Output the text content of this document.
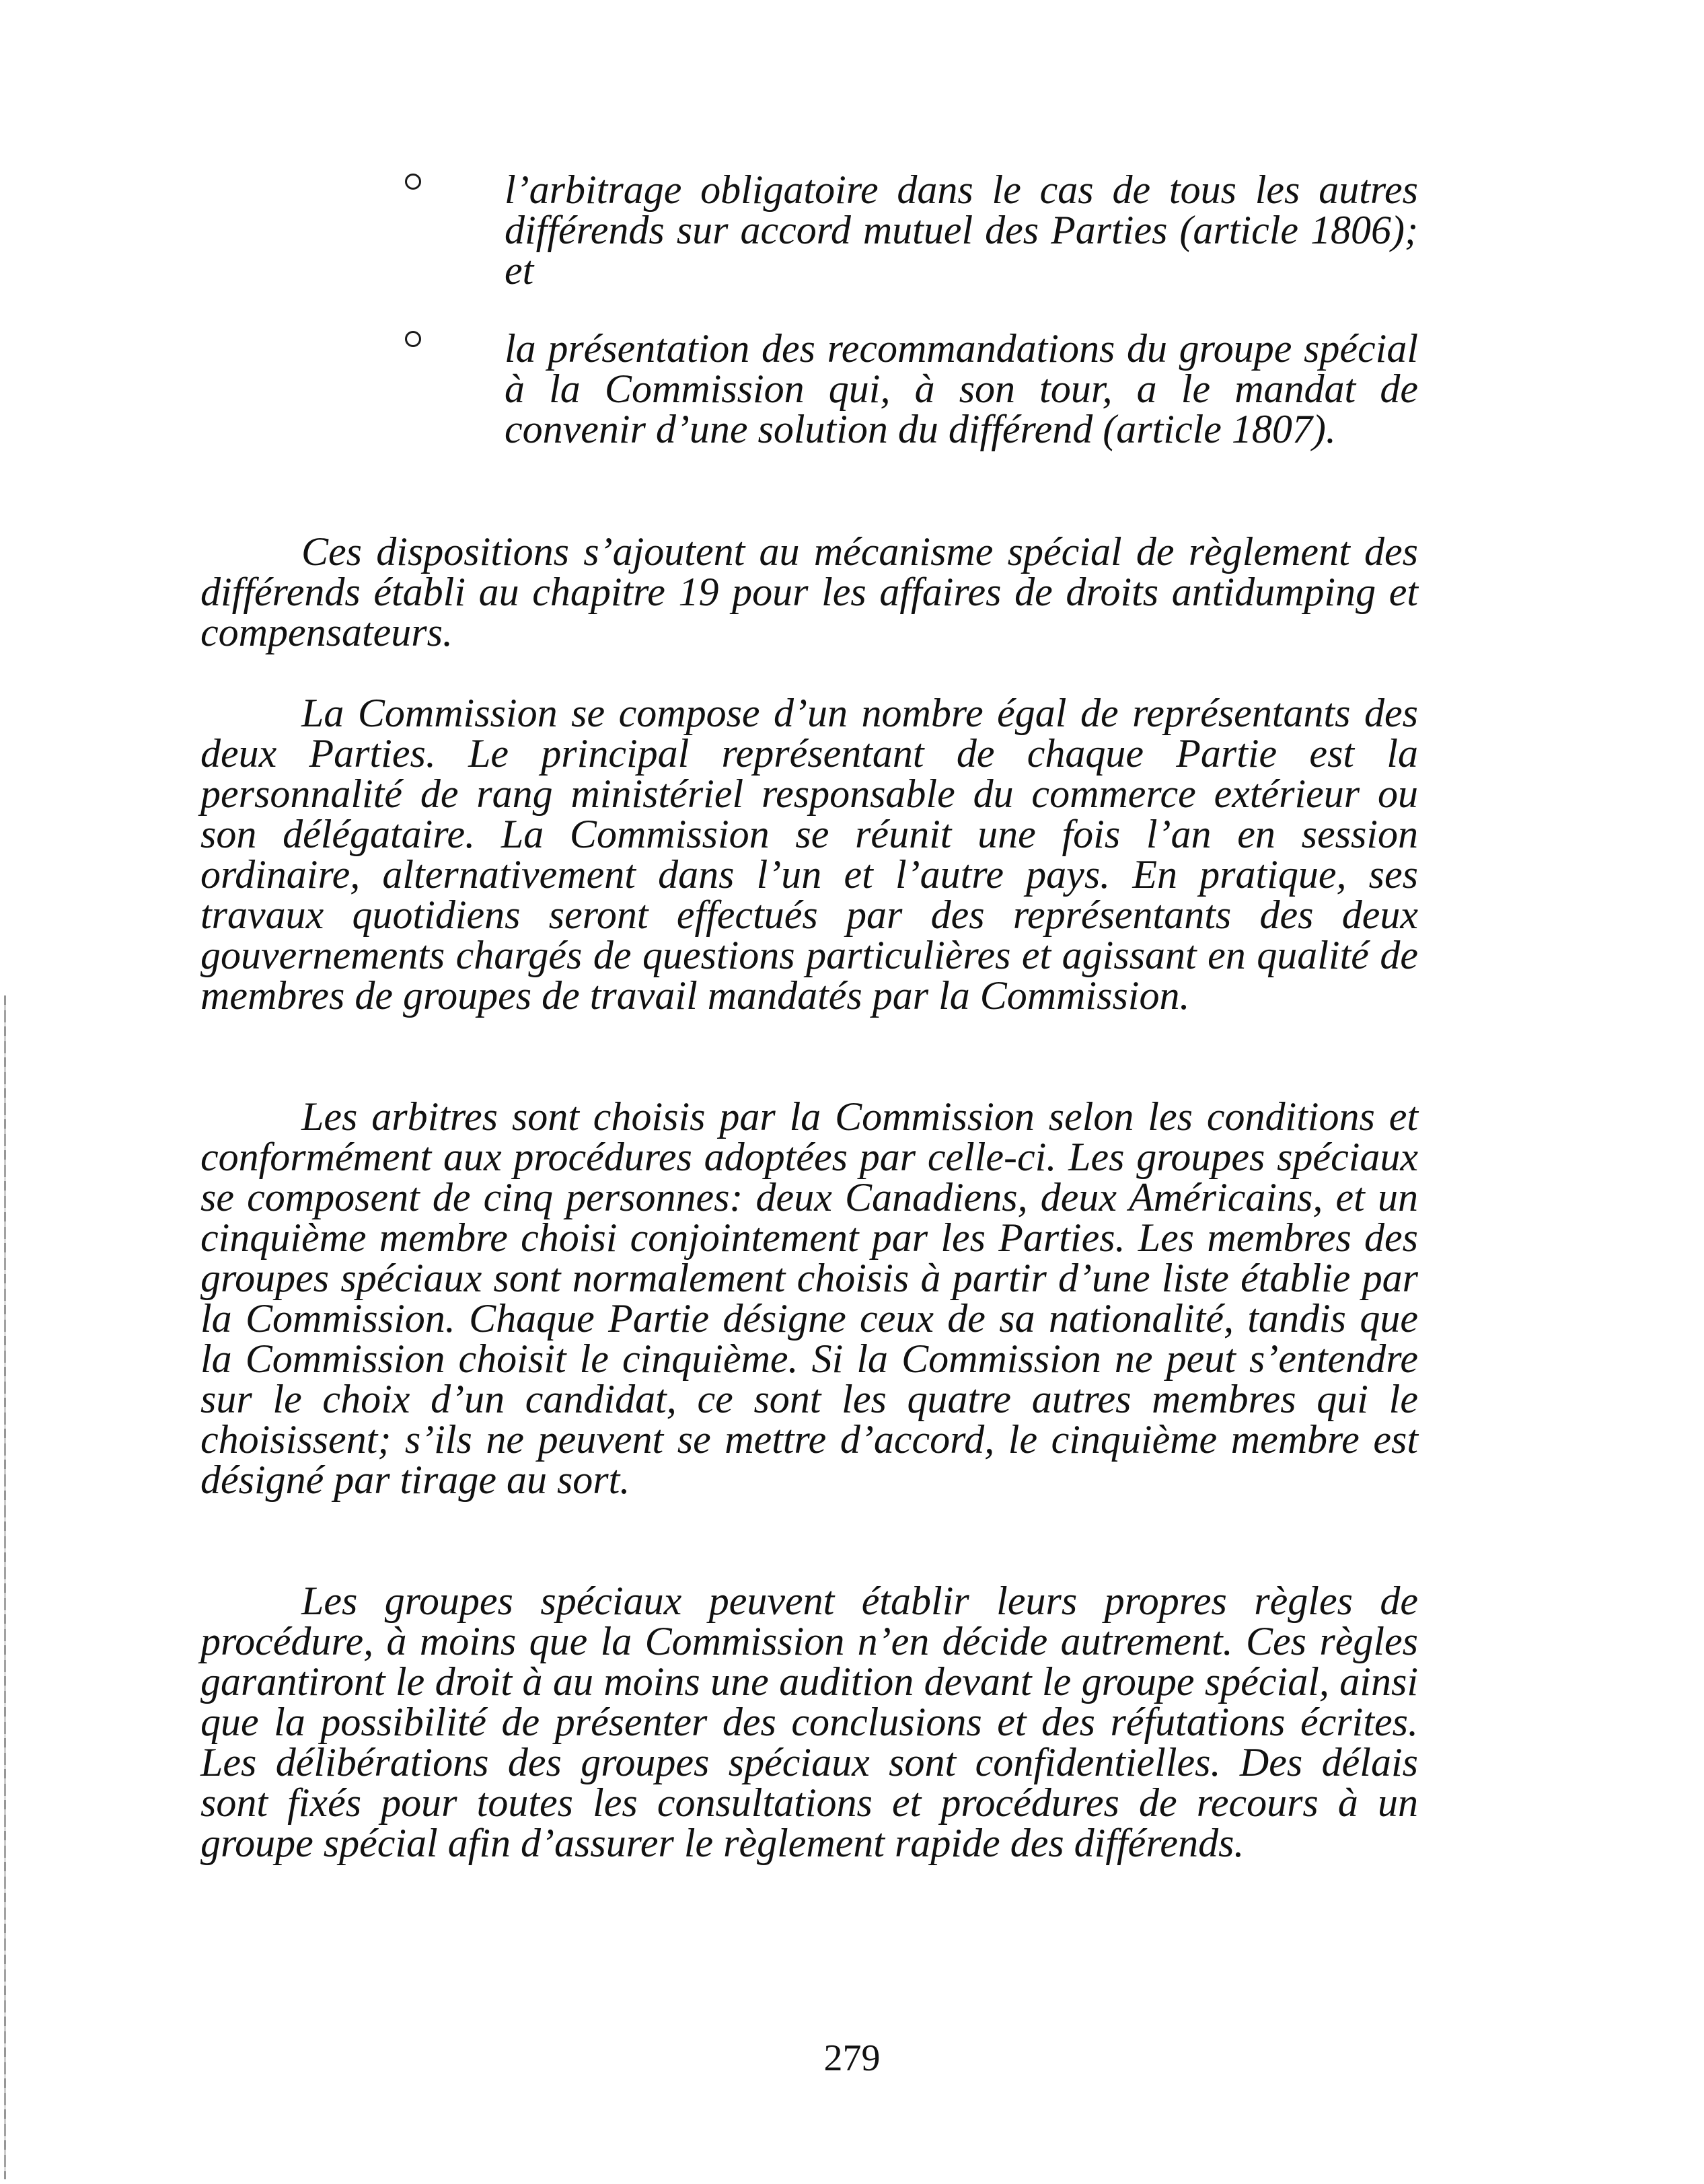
l’arbitrage obligatoire dans le cas de tous les autres différends sur accord mutuel des Parties (article 1806); et

la présentation des recommandations du groupe spécial à la Commission qui, à son tour, a le mandat de convenir d’une solution du différend (article 1807).

Ces dispositions s’ajoutent au mécanisme spécial de règlement des différends établi au chapitre 19 pour les affaires de droits antidumping et compensateurs.

La Commission se compose d’un nombre égal de représentants des deux Parties. Le principal représentant de chaque Partie est la personnalité de rang ministériel responsable du commerce extérieur ou son délégataire. La Commission se réunit une fois l’an en session ordinaire, alternativement dans l’un et l’autre pays. En pratique, ses travaux quotidiens seront effectués par des représentants des deux gouvernements chargés de questions particulières et agissant en qualité de membres de groupes de travail mandatés par la Commission.

Les arbitres sont choisis par la Commission selon les conditions et conformément aux procédures adoptées par celle-ci. Les groupes spéciaux se composent de cinq personnes: deux Canadiens, deux Américains, et un cinquième membre choisi conjointement par les Parties. Les membres des groupes spéciaux sont normalement choisis à partir d’une liste établie par la Commission. Chaque Partie désigne ceux de sa nationalité, tandis que la Commission choisit le cinquième. Si la Commission ne peut s’entendre sur le choix d’un candidat, ce sont les quatre autres membres qui le choisissent; s’ils ne peuvent se mettre d’accord, le cinquième membre est désigné par tirage au sort.

Les groupes spéciaux peuvent établir leurs propres règles de procédure, à moins que la Commission n’en décide autrement. Ces règles garantiront le droit à au moins une audition devant le groupe spécial, ainsi que la possibilité de présenter des conclusions et des réfutations écrites. Les délibérations des groupes spéciaux sont confidentielles. Des délais sont fixés pour toutes les consultations et procédures de recours à un groupe spécial afin d’assurer le règlement rapide des différends.

279
